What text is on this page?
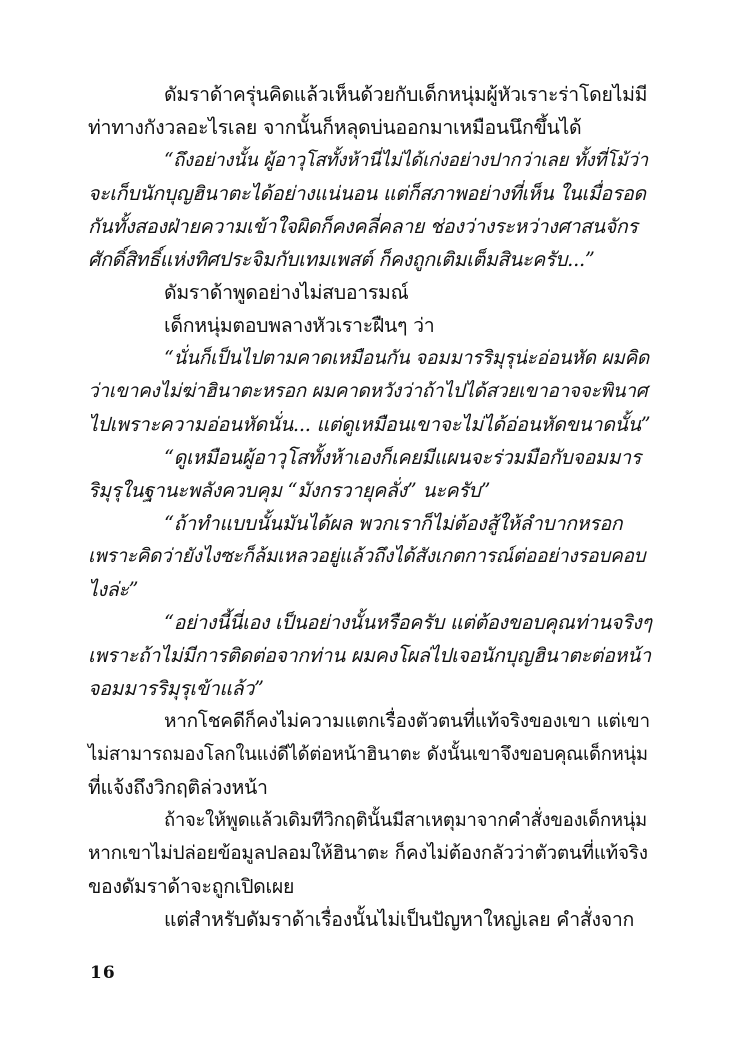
ดัมราด้าครุ่นคิดแล้วเห็นด้วยกับเด็กหนุ่มผู้หัวเราะร่าโดยไม่มี
ท่าทางกังวลอะไรเลย จากนั้นก็หลุดบ่นออกมาเหมือนนึกขึ้นได้
“ถึงอย่างนั้น ผู้อาวุโสทั้งห้านี่ไม่ได้เก่งอย่างปากว่าเลย ทั้งที่โม้ว่า
จะเก็บนักบุญฮินาตะได้อย่างแน่นอน แต่ก็สภาพอย่างที่เห็น ในเมื่อรอด
กันทั้งสองฝ่ายความเข้าใจผิดก็คงคลี่คลาย ช่องว่างระหว่างศาสนจักร
ศักดิ์สิทธิ์แห่งทิศประจิมกับเทมเพสต์ ก็คงถูกเติมเต็มสินะครับ...”
ดัมราด้าพูดอย่างไม่สบอารมณ์
เด็กหนุ่มตอบพลางหัวเราะฝืนๆ ว่า
“นั่นก็เป็นไปตามคาดเหมือนกัน จอมมารริมุรุน่ะอ่อนหัด ผมคิด
ว่าเขาคงไม่ฆ่าฮินาตะหรอก ผมคาดหวังว่าถ้าไปได้สวยเขาอาจจะพินาศ
ไปเพราะความอ่อนหัดนั่น... แต่ดูเหมือนเขาจะไม่ได้อ่อนหัดขนาดนั้น”
“ดูเหมือนผู้อาวุโสทั้งห้าเองก็เคยมีแผนจะร่วมมือกับจอมมาร
ริมุรุในฐานะพลังควบคุม “มังกรวายุคลั่ง” นะครับ”
“ถ้าทำแบบนั้นมันได้ผล พวกเราก็ไม่ต้องสู้ให้ลำบากหรอก
เพราะคิดว่ายังไงซะก็ล้มเหลวอยู่แล้วถึงได้สังเกตการณ์ต่ออย่างรอบคอบ
ไงล่ะ”
“อย่างนี้นี่เอง เป็นอย่างนั้นหรือครับ แต่ต้องขอบคุณท่านจริงๆ
เพราะถ้าไม่มีการติดต่อจากท่าน ผมคงโผล่ไปเจอนักบุญฮินาตะต่อหน้า
จอมมารริมุรุเข้าแล้ว”
หากโชคดีก็คงไม่ความแตกเรื่องตัวตนที่แท้จริงของเขา แต่เขา
ไม่สามารถมองโลกในแง่ดีได้ต่อหน้าฮินาตะ ดังนั้นเขาจึงขอบคุณเด็กหนุ่ม
ที่แจ้งถึงวิกฤติล่วงหน้า
ถ้าจะให้พูดแล้วเดิมทีวิกฤตินั้นมีสาเหตุมาจากคำสั่งของเด็กหนุ่ม
หากเขาไม่ปล่อยข้อมูลปลอมให้ฮินาตะ ก็คงไม่ต้องกลัวว่าตัวตนที่แท้จริง
ของดัมราด้าจะถูกเปิดเผย
แต่สำหรับดัมราด้าเรื่องนั้นไม่เป็นปัญหาใหญ่เลย คำสั่งจาก
16
